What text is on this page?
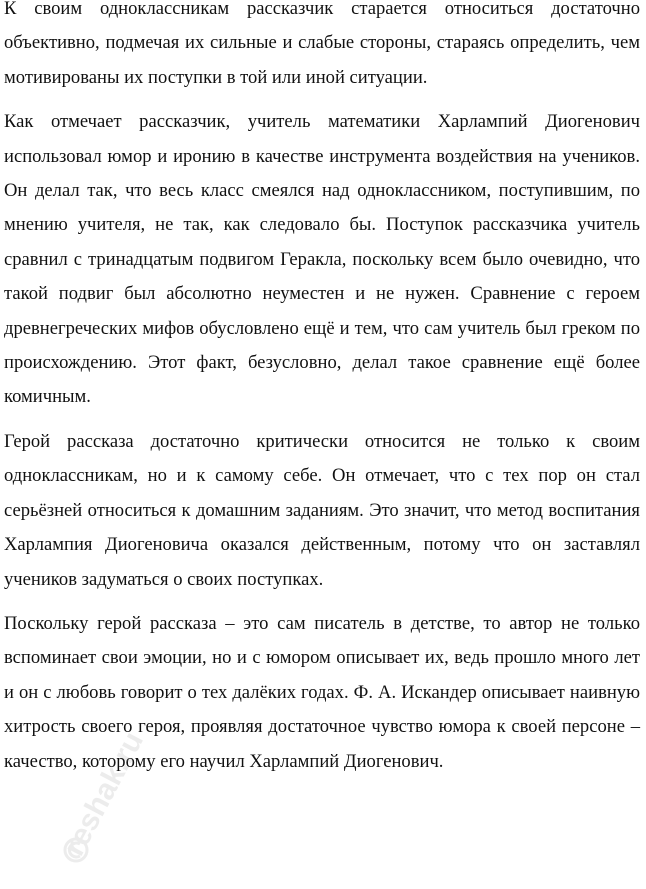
К своим одноклассникам рассказчик старается относиться достаточно объективно, подмечая их сильные и слабые стороны, стараясь определить, чем мотивированы их поступки в той или иной ситуации.

Как отмечает рассказчик, учитель математики Харлампий Диогенович использовал юмор и иронию в качестве инструмента воздействия на учеников. Он делал так, что весь класс смеялся над одноклассником, поступившим, по мнению учителя, не так, как следовало бы. Поступок рассказчика учитель сравнил с тринадцатым подвигом Геракла, поскольку всем было очевидно, что такой подвиг был абсолютно неуместен и не нужен. Сравнение с героем древнегреческих мифов обусловлено ещё и тем, что сам учитель был греком по происхождению. Этот факт, безусловно, делал такое сравнение ещё более комичным.

Герой рассказа достаточно критически относится не только к своим одноклассникам, но и к самому себе. Он отмечает, что с тех пор он стал серьёзней относиться к домашним заданиям. Это значит, что метод воспитания Харлампия Диогеновича оказался действенным, потому что он заставлял учеников задуматься о своих поступках.

Поскольку герой рассказа – это сам писатель в детстве, то автор не только вспоминает свои эмоции, но и с юмором описывает их, ведь прошло много лет и он с любовь говорит о тех далёких годах. Ф. А. Искандер описывает наивную хитрость своего героя, проявляя достаточное чувство юмора к своей персоне – качество, которому его научил Харлампий Диогенович.

reshak.ru
